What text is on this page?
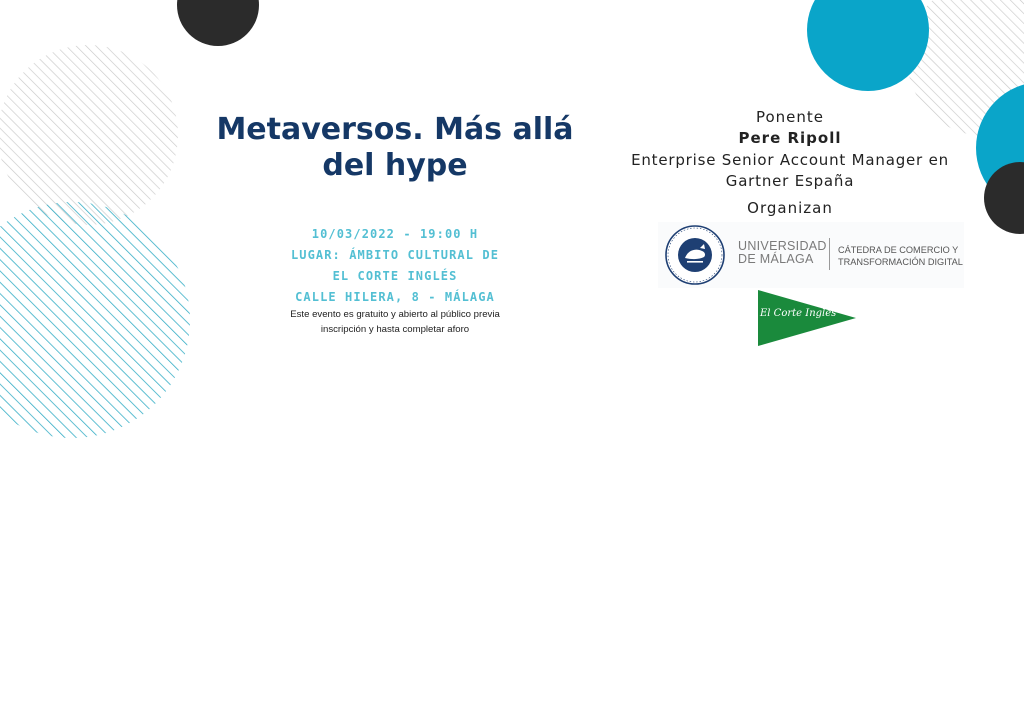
Metaversos. Más allá del hype
10/03/2022 - 19:00 H
LUGAR: ÁMBITO CULTURAL DE
EL CORTE INGLÉS
CALLE HILERA, 8 - MÁLAGA
Este evento es gratuito y abierto al público previa
inscripción y hasta completar aforo
Ponente
Pere Ripoll
Enterprise Senior Account Manager en
Gartner España
Organizan
UNIVERSIDAD
DE MÁLAGA
CÁTEDRA DE COMERCIO Y
TRANSFORMACIÓN DIGITAL
El Corte Inglés
